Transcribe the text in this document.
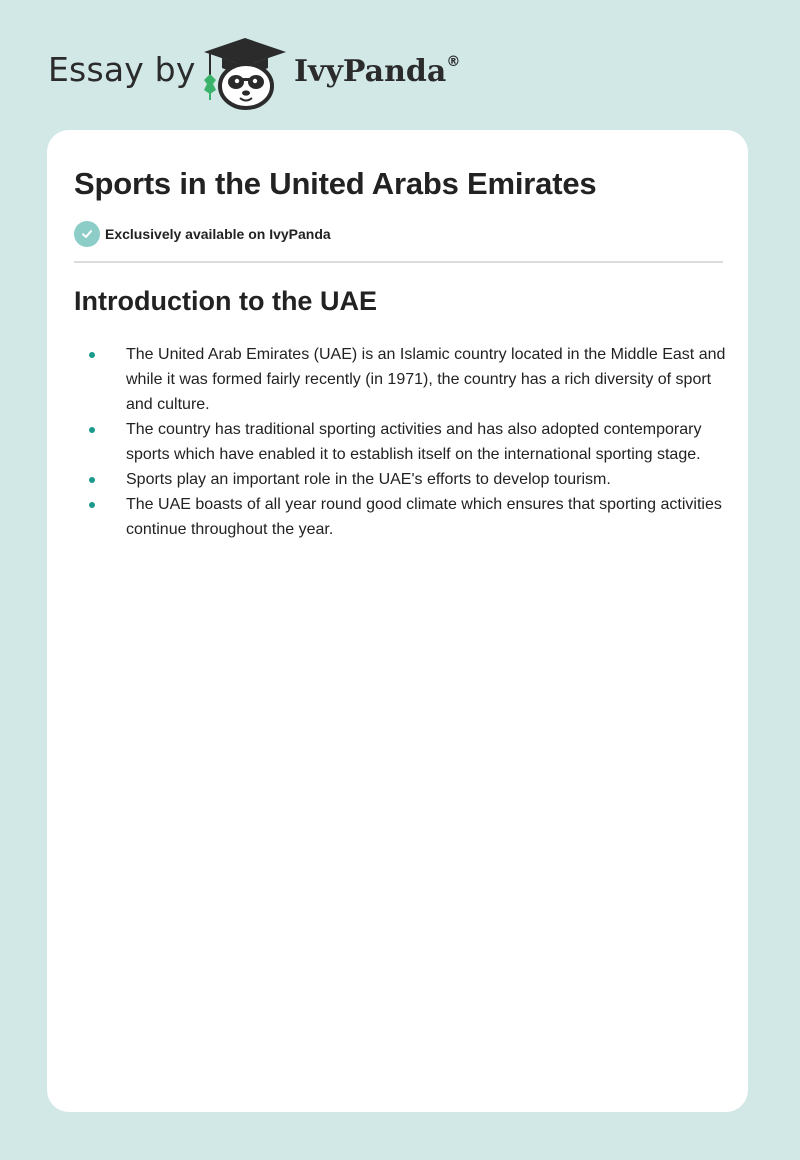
Essay by	IvyPanda®
Sports in the United Arabs Emirates
Exclusively available on IvyPanda
Introduction to the UAE
The United Arab Emirates (UAE) is an Islamic country located in the Middle East and while it was formed fairly recently (in 1971), the country has a rich diversity of sport and culture.
The country has traditional sporting activities and has also adopted contemporary sports which have enabled it to establish itself on the international sporting stage.
Sports play an important role in the UAE's efforts to develop tourism.
The UAE boasts of all year round good climate which ensures that sporting activities continue throughout the year.
